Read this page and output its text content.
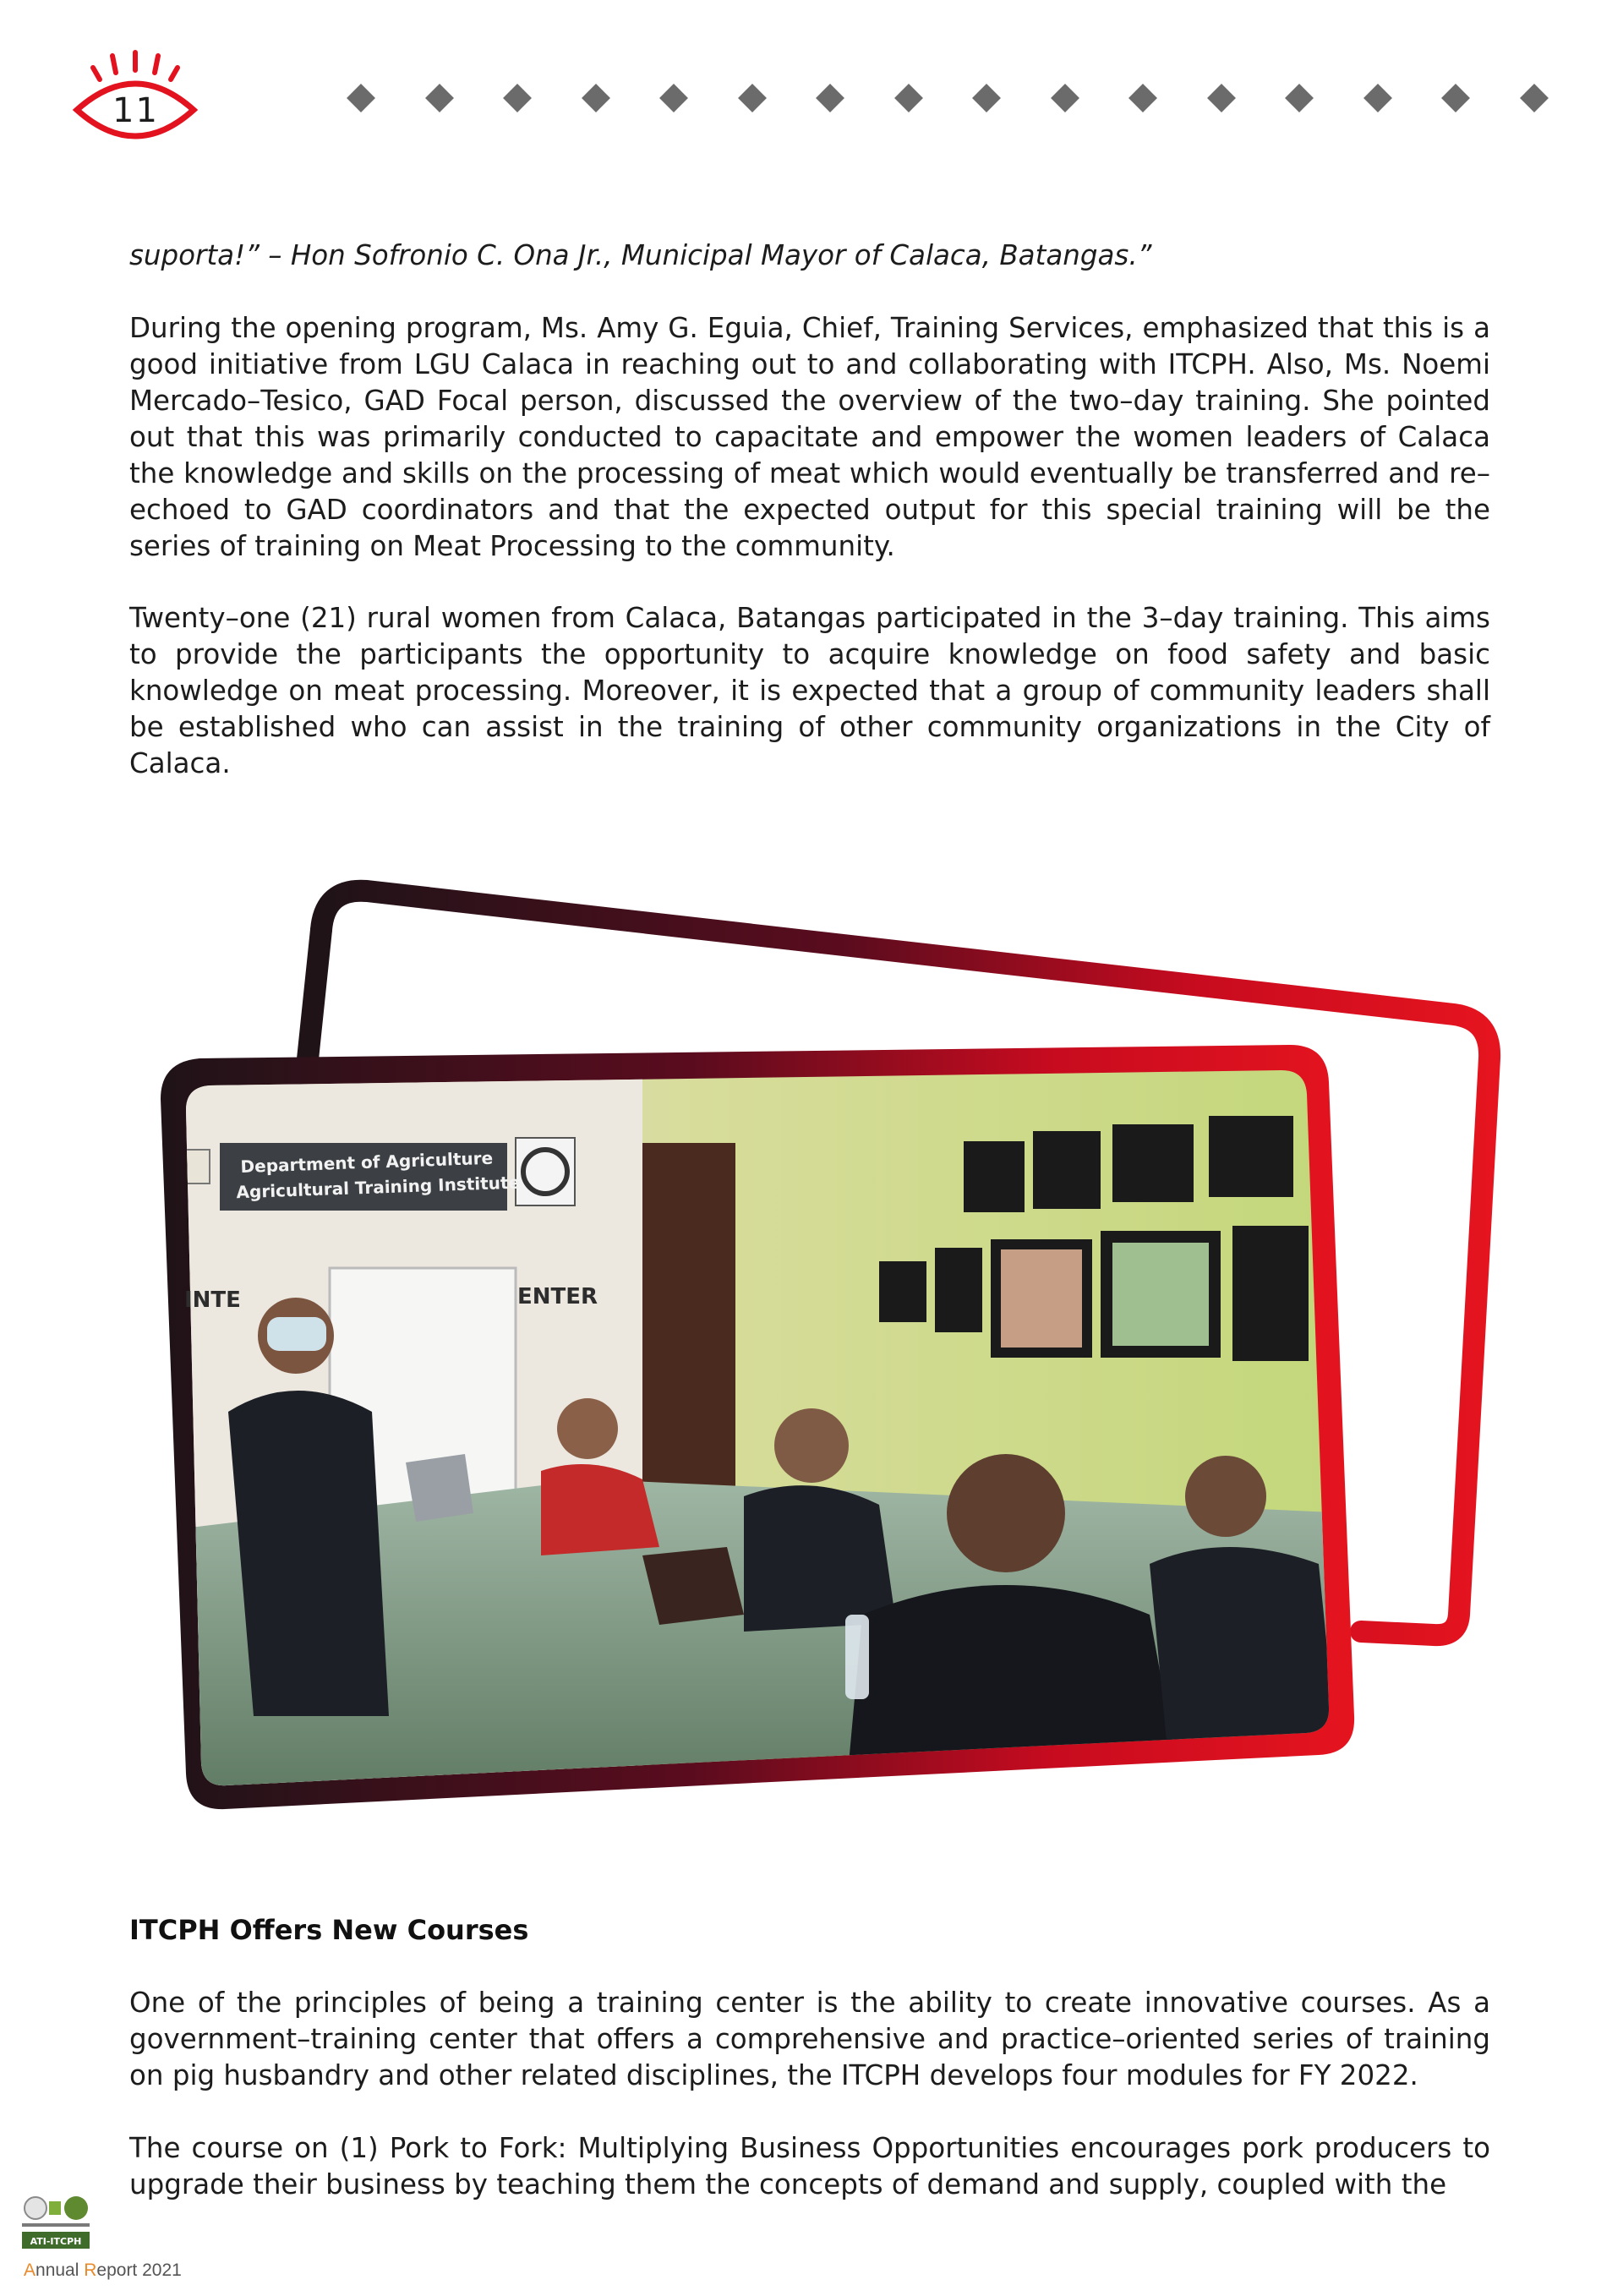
11
suporta!” – Hon Sofronio C. Ona Jr., Municipal Mayor of Calaca, Batangas.”
During the opening program, Ms. Amy G. Eguia, Chief, Training Services, emphasized that this is a good initiative from LGU Calaca in reaching out to and collaborating with ITCPH. Also, Ms. Noemi Mercado–Tesico, GAD Focal person, discussed the overview of the two–day training. She pointed out that this was primarily conducted to capacitate and empower the women leaders of Calaca the knowledge and skills on the processing of meat which would eventually be transferred and re–echoed to GAD coordinators and that the expected output for this special training will be the series of training on Meat Processing to the community.
Twenty–one (21) rural women from Calaca, Batangas participated in the 3–day training. This aims to provide the participants the opportunity to acquire knowledge on food safety and basic knowledge on meat processing. Moreover, it is expected that a group of community leaders shall be established who can assist in the training of other community organizations in the City of Calaca.
Department of Agriculture
Agricultural Training Institute
INTE	ENTER
ITCPH Offers New Courses
One of the principles of being a training center is the ability to create innovative courses. As a government–training center that offers a comprehensive and practice–oriented series of training on pig husbandry and other related disciplines, the ITCPH develops four modules for FY 2022.
The course on (1) Pork to Fork: Multiplying Business Opportunities encourages pork producers to upgrade their business by teaching them the concepts of demand and supply, coupled with the
ATI-ITCPH
Annual Report 2021
